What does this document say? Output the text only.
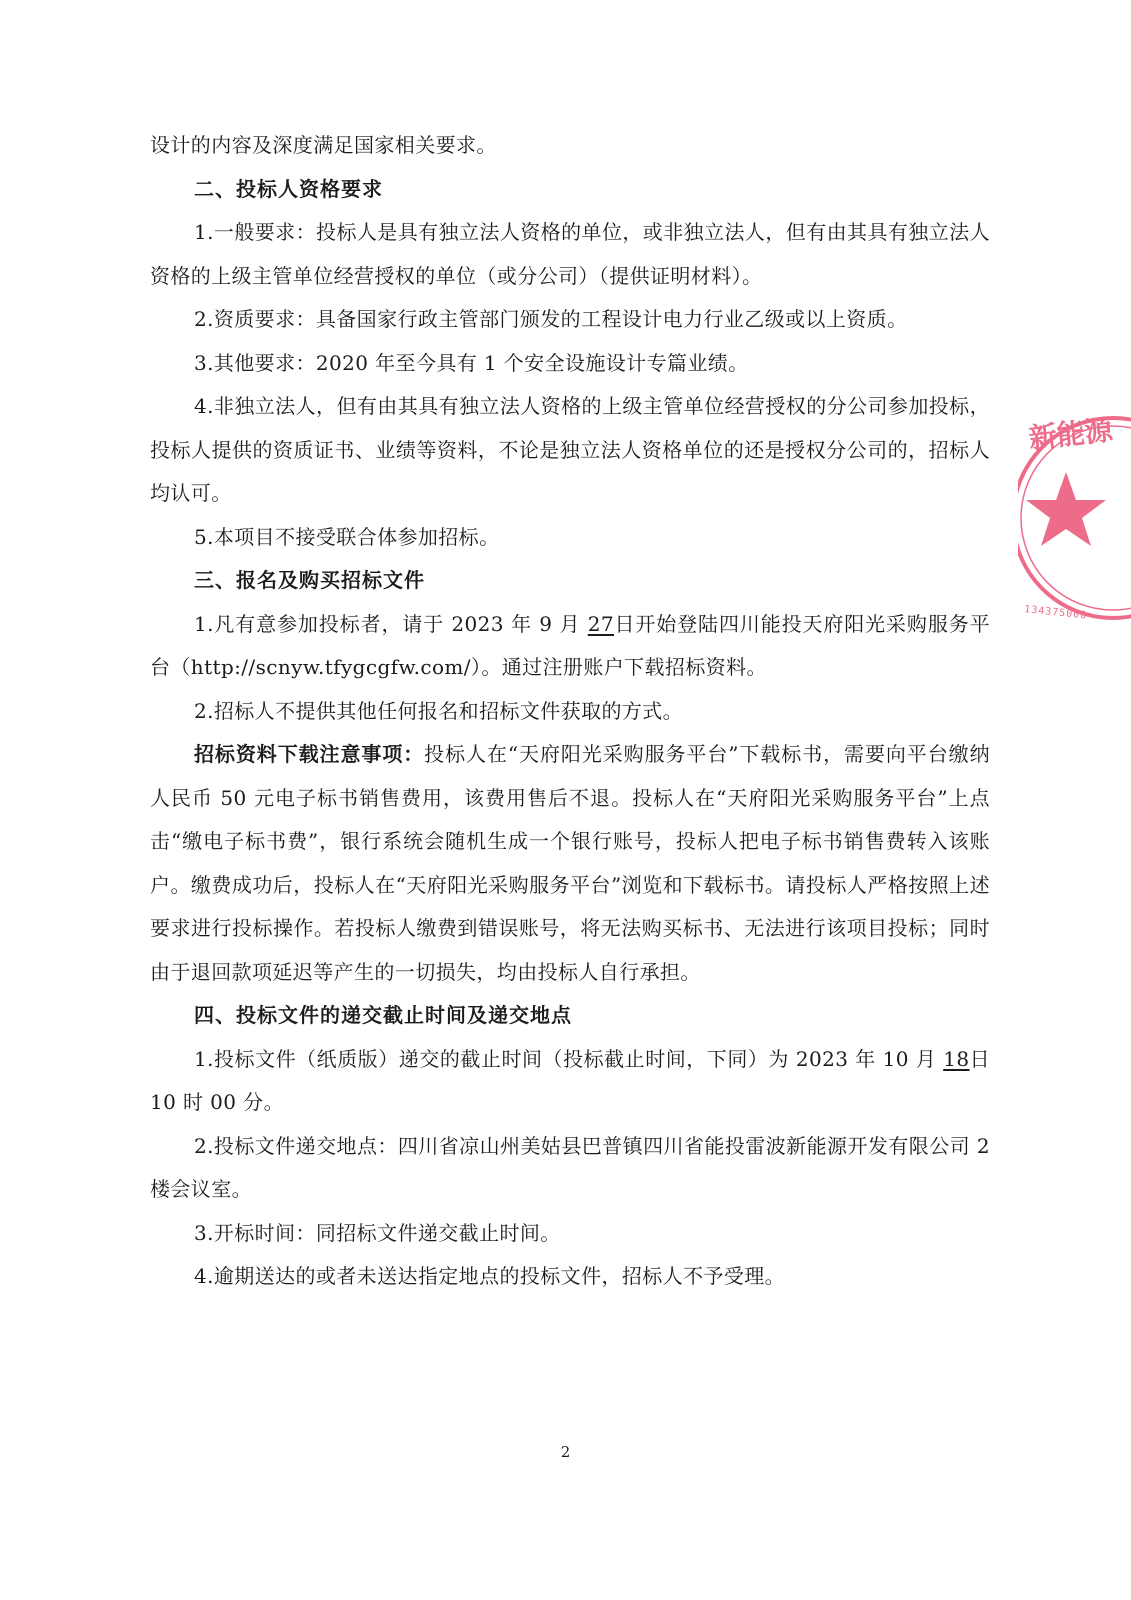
设计的内容及深度满足国家相关要求。

二、投标人资格要求

1.一般要求：投标人是具有独立法人资格的单位，或非独立法人，但有由其具有独立法人资格的上级主管单位经营授权的单位（或分公司）（提供证明材料）。

2.资质要求：具备国家行政主管部门颁发的工程设计电力行业乙级或以上资质。

3.其他要求：2020 年至今具有 1 个安全设施设计专篇业绩。

4.非独立法人，但有由其具有独立法人资格的上级主管单位经营授权的分公司参加投标，投标人提供的资质证书、业绩等资料，不论是独立法人资格单位的还是授权分公司的，招标人均认可。

5.本项目不接受联合体参加招标。

三、报名及购买招标文件

1.凡有意参加投标者，请于 2023 年 9 月 27日开始登陆四川能投天府阳光采购服务平台（http://scnyw.tfygcgfw.com/）。通过注册账户下载招标资料。

2.招标人不提供其他任何报名和招标文件获取的方式。

招标资料下载注意事项：投标人在“天府阳光采购服务平台”下载标书，需要向平台缴纳人民币 50 元电子标书销售费用，该费用售后不退。投标人在“天府阳光采购服务平台”上点击“缴电子标书费”，银行系统会随机生成一个银行账号，投标人把电子标书销售费转入该账户。缴费成功后，投标人在“天府阳光采购服务平台”浏览和下载标书。请投标人严格按照上述要求进行投标操作。若投标人缴费到错误账号，将无法购买标书、无法进行该项目投标；同时由于退回款项延迟等产生的一切损失，均由投标人自行承担。

四、投标文件的递交截止时间及递交地点

1.投标文件（纸质版）递交的截止时间（投标截止时间，下同）为 2023 年 10 月 18日 10 时 00 分。

2.投标文件递交地点：四川省凉山州美姑县巴普镇四川省能投雷波新能源开发有限公司 2 楼会议室。

3.开标时间：同招标文件递交截止时间。

4.逾期送达的或者未送达指定地点的投标文件，招标人不予受理。

2
新能源
134375000
